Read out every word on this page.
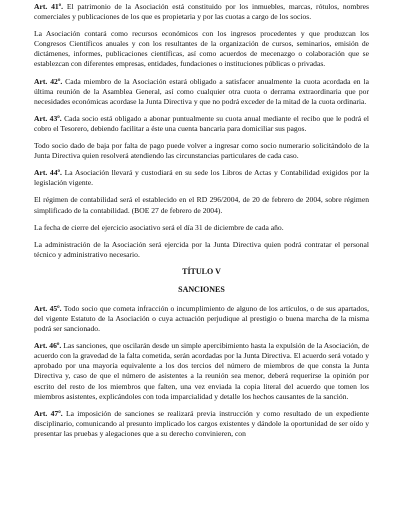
Art. 41º. El patrimonio de la Asociación está constituido por los inmuebles, marcas, rótulos, nombres comerciales y publicaciones de los que es propietaria y por las cuotas a cargo de los socios.

La Asociación contará como recursos económicos con los ingresos procedentes y que produzcan los Congresos Científicos anuales y con los resultantes de la organización de cursos, seminarios, emisión de dictámenes, informes, publicaciones científicas, así como acuerdos de mecenazgo o colaboración que se establezcan con diferentes empresas, entidades, fundaciones o instituciones públicas o privadas.

Art. 42º. Cada miembro de la Asociación estará obligado a satisfacer anualmente la cuota acordada en la última reunión de la Asamblea General, así como cualquier otra cuota o derrama extraordinaria que por necesidades económicas acordase la Junta Directiva y que no podrá exceder de la mitad de la cuota ordinaria.

Art. 43º. Cada socio está obligado a abonar puntualmente su cuota anual mediante el recibo que le podrá el cobro el Tesorero, debiendo facilitar a éste una cuenta bancaria para domiciliar sus pagos.

Todo socio dado de baja por falta de pago puede volver a ingresar como socio numerario solicitándolo de la Junta Directiva quien resolverá atendiendo las circunstancias particulares de cada caso.

Art. 44º. La Asociación llevará y custodiará en su sede los Libros de Actas y Contabilidad exigidos por la legislación vigente.

El régimen de contabilidad será el establecido en el RD 296/2004, de 20 de febrero de 2004, sobre régimen simplificado de la contabilidad. (BOE 27 de febrero de 2004).

La fecha de cierre del ejercicio asociativo será el día 31 de diciembre de cada año.

La administración de la Asociación será ejercida por la Junta Directiva quien podrá contratar el personal técnico y administrativo necesario.

TÍTULO V

SANCIONES

Art. 45º. Todo socio que cometa infracción o incumplimiento de alguno de los artículos, o de sus apartados, del vigente Estatuto de la Asociación o cuya actuación perjudique al prestigio o buena marcha de la misma podrá ser sancionado.

Art. 46º. Las sanciones, que oscilarán desde un simple apercibimiento hasta la expulsión de la Asociación, de acuerdo con la gravedad de la falta cometida, serán acordadas por la Junta Directiva. El acuerdo será votado y aprobado por una mayoría equivalente a los dos tercios del número de miembros de que consta la Junta Directiva y, caso de que el número de asistentes a la reunión sea menor, deberá requerirse la opinión por escrito del resto de los miembros que falten, una vez enviada la copia literal del acuerdo que tomen los miembros asistentes, explicándoles con toda imparcialidad y detalle los hechos causantes de la sanción.

Art. 47º. La imposición de sanciones se realizará previa instrucción y como resultado de un expediente disciplinario, comunicando al presunto implicado los cargos existentes y dándole la oportunidad de ser oído y presentar las pruebas y alegaciones que a su derecho convinieren, con
